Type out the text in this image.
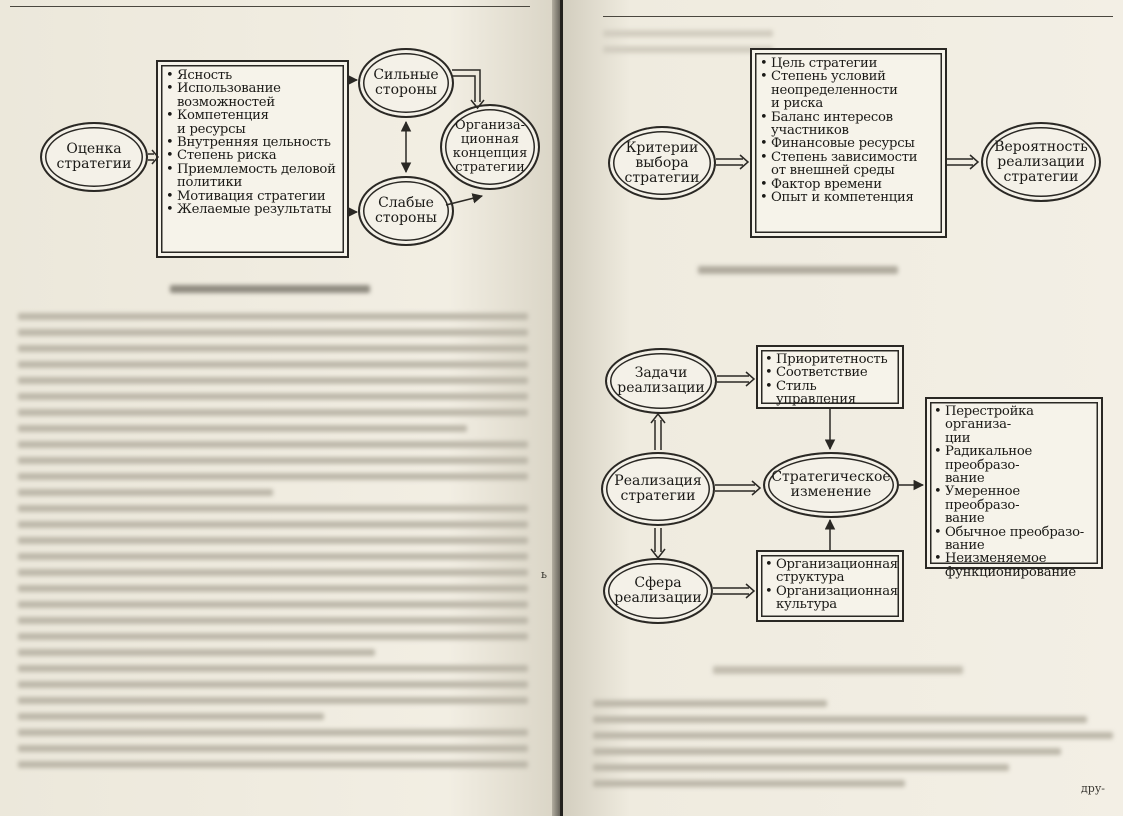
Оценка
стратегии
• Ясность
• Использование
возможностей
• Компетенция
и ресурсы
• Внутренняя цельность
• Степень риска
• Приемлемость деловой
политики
• Мотивация стратегии
• Желаемые результаты
Сильные
стороны
Слабые
стороны
Организа-
ционная
концепция
стратегии
ь

Критерии
выбора
стратегии
• Цель стратегии
• Степень условий
неопределенности
и риска
• Баланс интересов
участников
• Финансовые ресурсы
• Степень зависимости
от внешней среды
• Фактор времени
• Опыт и компетенция
Вероятность
реализации
стратегии
Задачи
реализации
• Приоритетность
• Соответствие
• Стиль управления
Реализация
стратегии
Стратегическое
изменение
• Перестройка организа-
ции
• Радикальное преобразо-
вание
• Умеренное преобразо-
вание
• Обычное преобразо-
вание
• Неизменяемое
функционирование
Сфера
реализации
• Организационная
структура
• Организационная
культура
дру-
